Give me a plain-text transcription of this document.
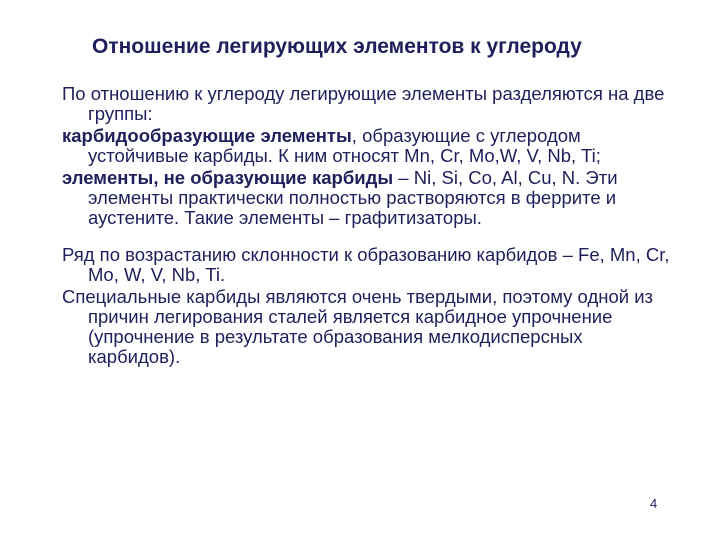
Отношение легирующих элементов к углероду

По отношению к углероду легирующие элементы разделяются на две группы:

карбидообразующие элементы, образующие с углеродом устойчивые карбиды. К ним относят Mn, Cr, Mo,W, V, Nb, Ti;

элементы, не образующие карбиды – Ni, Si, Co, Al, Cu, N. Эти элементы практически полностью растворяются в феррите и аустените. Такие элементы – графитизаторы.

Ряд по возрастанию склонности к образованию карбидов – Fe, Mn, Cr, Mo, W, V, Nb, Ti.

Специальные карбиды являются очень твердыми, поэтому одной из причин легирования сталей является карбидное упрочнение (упрочнение в результате образования мелкодисперсных карбидов).

4
